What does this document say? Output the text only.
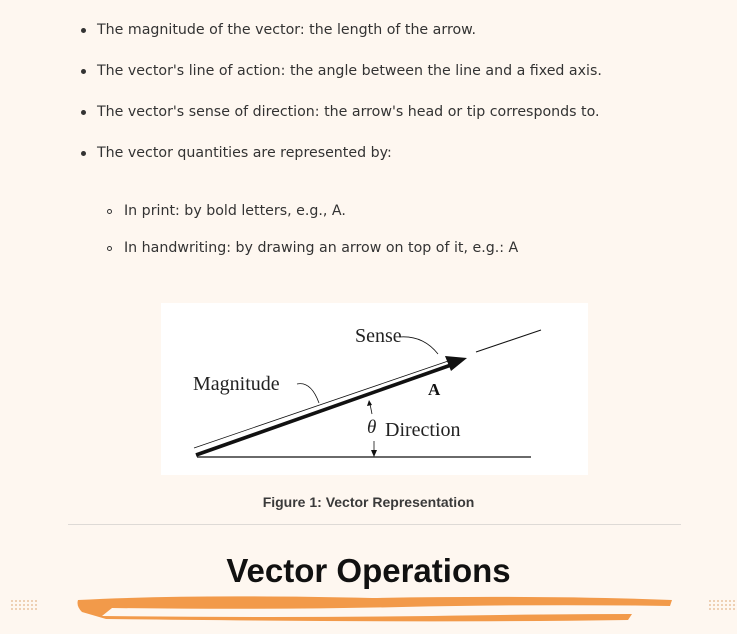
The magnitude of the vector: the length of the arrow.
The vector's line of action: the angle between the line and a fixed axis.
The vector's sense of direction: the arrow's head or tip corresponds to.
The vector quantities are represented by:
In print: by bold letters, e.g., A.
In handwriting: by drawing an arrow on top of it, e.g.: A
Sense
Magnitude	A
θ Direction
Figure 1: Vector Representation
Vector Operations
